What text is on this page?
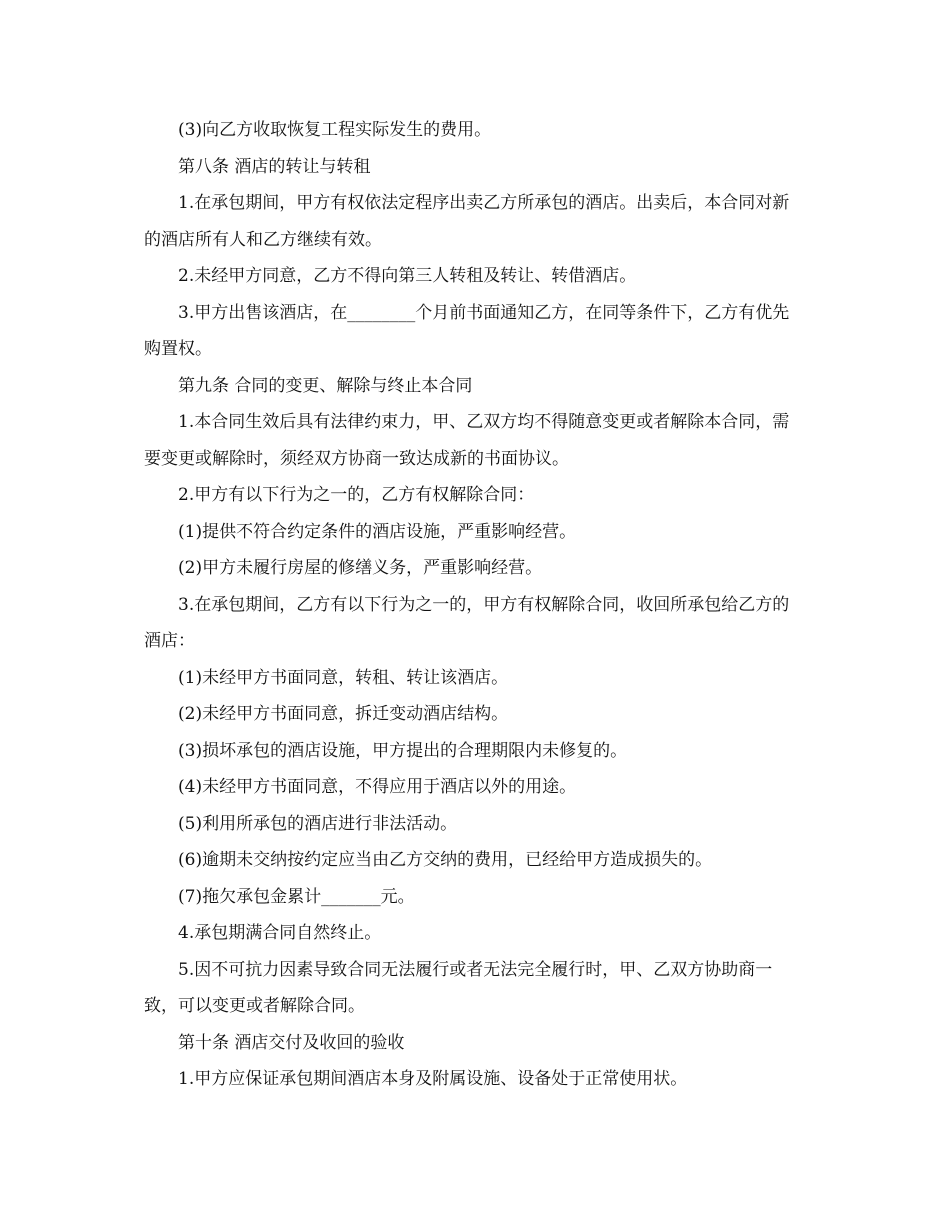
(3)向乙方收取恢复工程实际发生的费用。

第八条 酒店的转让与转租

1.在承包期间，甲方有权依法定程序出卖乙方所承包的酒店。出卖后，本合同对新的酒店所有人和乙方继续有效。

2.未经甲方同意，乙方不得向第三人转租及转让、转借酒店。

3.甲方出售该酒店，在________个月前书面通知乙方，在同等条件下，乙方有优先购置权。

第九条 合同的变更、解除与终止本合同

1.本合同生效后具有法律约束力，甲、乙双方均不得随意变更或者解除本合同，需要变更或解除时，须经双方协商一致达成新的书面协议。

2.甲方有以下行为之一的，乙方有权解除合同：

(1)提供不符合约定条件的酒店设施，严重影响经营。

(2)甲方未履行房屋的修缮义务，严重影响经营。

3.在承包期间，乙方有以下行为之一的，甲方有权解除合同，收回所承包给乙方的酒店：

(1)未经甲方书面同意，转租、转让该酒店。

(2)未经甲方书面同意，拆迁变动酒店结构。

(3)损坏承包的酒店设施，甲方提出的合理期限内未修复的。

(4)未经甲方书面同意，不得应用于酒店以外的用途。

(5)利用所承包的酒店进行非法活动。

(6)逾期未交纳按约定应当由乙方交纳的费用，已经给甲方造成损失的。

(7)拖欠承包金累计_______元。

4.承包期满合同自然终止。

5.因不可抗力因素导致合同无法履行或者无法完全履行时，甲、乙双方协助商一致，可以变更或者解除合同。

第十条 酒店交付及收回的验收

1.甲方应保证承包期间酒店本身及附属设施、设备处于正常使用状。
